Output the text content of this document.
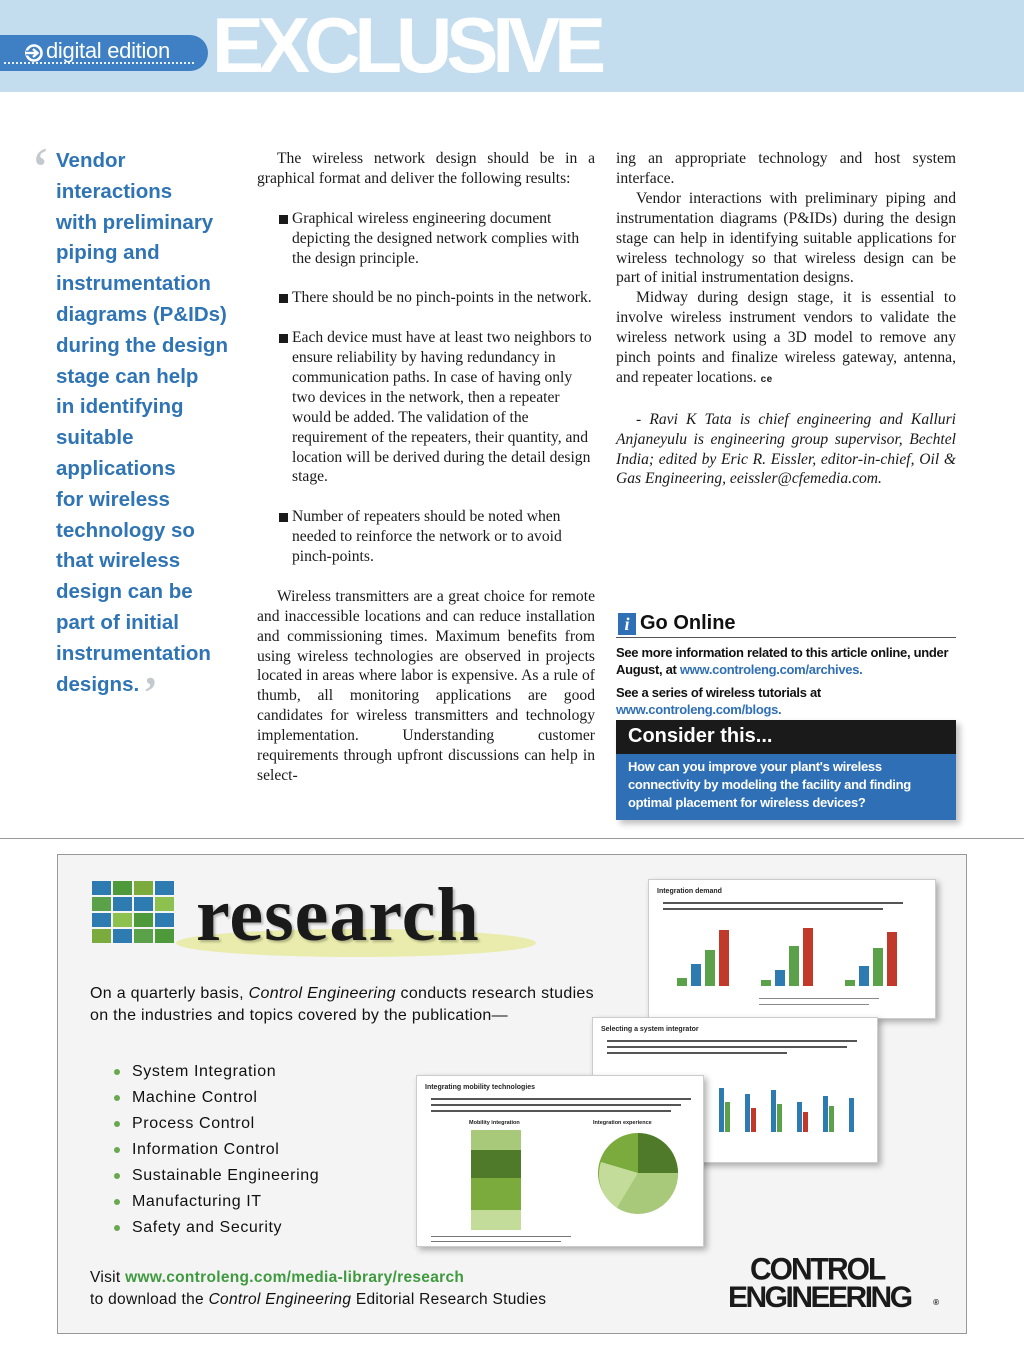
EXCLUSIVE
digital edition
‘ Vendor
interactions
with preliminary
piping and
instrumentation
diagrams (P&IDs)
during the design
stage can help
in identifying
suitable
applications
for wireless
technology so
that wireless
design can be
part of initial
instrumentation
designs.’

The wireless network design should be in a graphical format and deliver the following results:

Graphical wireless engineering document depicting the designed network complies with the design principle.

There should be no pinch-points in the network.

Each device must have at least two neighbors to ensure reliability by having redundancy in communication paths. In case of having only two devices in the network, then a repeater would be added. The validation of the requirement of the repeaters, their quantity, and location will be derived during the detail design stage.

Number of repeaters should be noted when needed to reinforce the network or to avoid pinch-points.

Wireless transmitters are a great choice for remote and inaccessible locations and can reduce installation and commissioning times. Maximum benefits from using wireless technologies are observed in projects located in areas where labor is expensive. As a rule of thumb, all monitoring applications are good candidates for wireless transmitters and technology implementation. Understanding customer requirements through upfront discussions can help in select-

ing an appropriate technology and host system interface.

Vendor interactions with preliminary piping and instrumentation diagrams (P&IDs) during the design stage can help in identifying suitable applications for wireless technology so that wireless design can be part of initial instrumentation designs.

Midway during design stage, it is essential to involve wireless instrument vendors to validate the wireless network using a 3D model to remove any pinch points and finalize wireless gateway, antenna, and repeater locations. ce

- Ravi K Tata is chief engineering and Kalluri Anjaneyulu is engineering group supervisor, Bechtel India; edited by Eric R. Eissler, editor-in-chief, Oil & Gas Engineering, eeissler@cfemedia.com.

i Go Online

See more information related to this article online, under August, at www.controleng.com/archives.

See a series of wireless tutorials at www.controleng.com/blogs.

Consider this...
How can you improve your plant's wireless connectivity by modeling the facility and finding optimal placement for wireless devices?
research	Integration demand
Selecting a system integrator
Integrating mobility technologies
Mobility integration	Integration experience

On a quarterly basis, Control Engineering conducts research studies on the industries and topics covered by the publication—

System Integration
Machine Control
Process Control
Information Control
Sustainable Engineering
Manufacturing IT
Safety and Security
Visit www.controleng.com/media-library/research
to download the Control Engineering Editorial Research Studies
CONTROL
ENGINEERING	®
